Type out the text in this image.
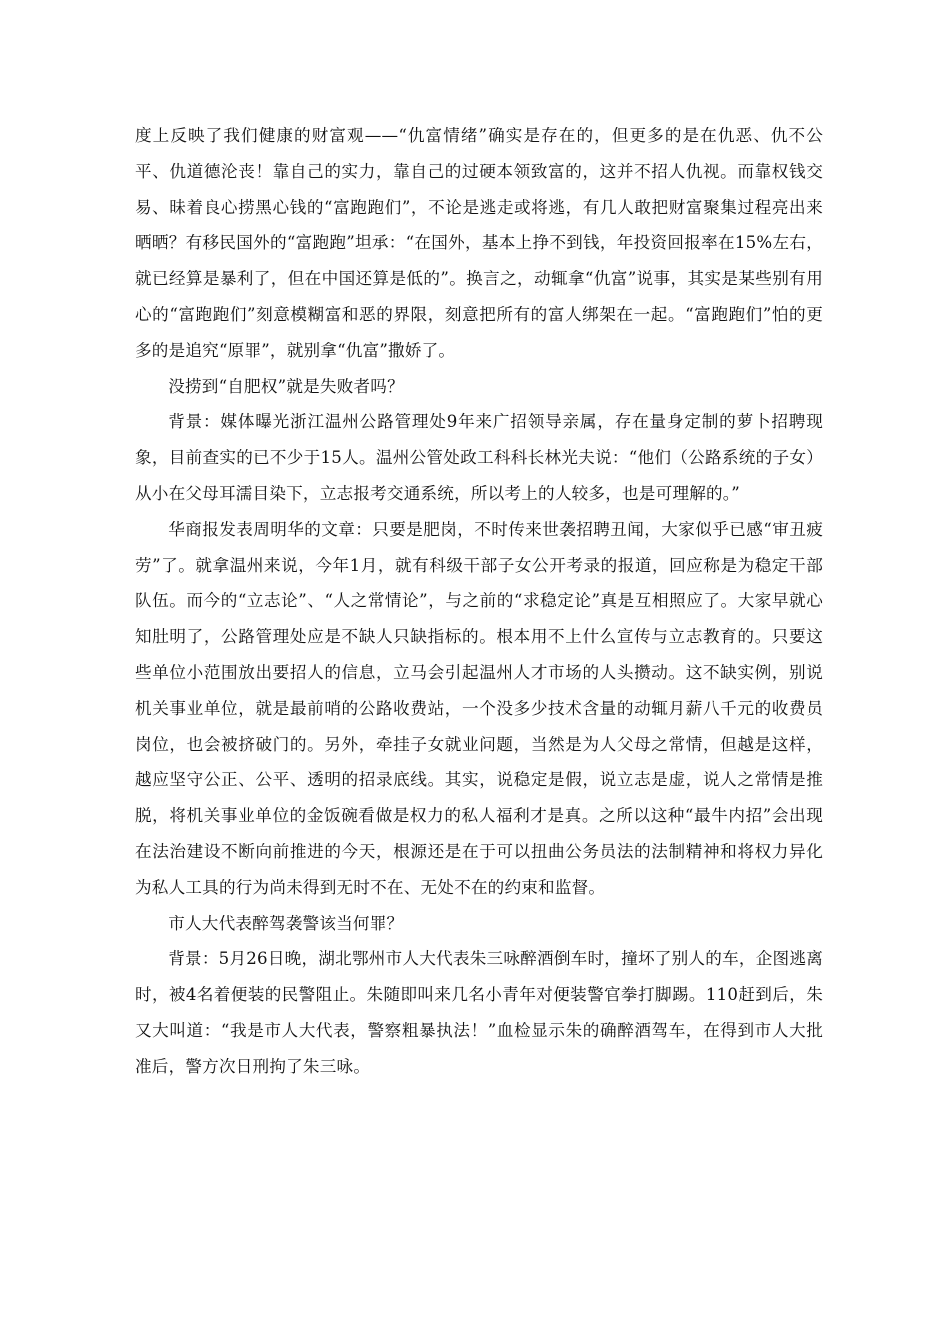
度上反映了我们健康的财富观——“仇富情绪”确实是存在的，但更多的是在仇恶、仇不公平、仇道德沦丧！靠自己的实力，靠自己的过硬本领致富的，这并不招人仇视。而靠权钱交易、昧着良心捞黑心钱的“富跑跑们”，不论是逃走或将逃，有几人敢把财富聚集过程亮出来晒晒？有移民国外的“富跑跑”坦承：“在国外，基本上挣不到钱，年投资回报率在15%左右，就已经算是暴利了，但在中国还算是低的”。换言之，动辄拿“仇富”说事，其实是某些别有用心的“富跑跑们”刻意模糊富和恶的界限，刻意把所有的富人绑架在一起。“富跑跑们”怕的更多的是追究“原罪”，就别拿“仇富”撒娇了。

没捞到“自肥权”就是失败者吗？

背景：媒体曝光浙江温州公路管理处9年来广招领导亲属，存在量身定制的萝卜招聘现象，目前查实的已不少于15人。温州公管处政工科科长林光夫说：“他们（公路系统的子女）从小在父母耳濡目染下，立志报考交通系统，所以考上的人较多，也是可理解的。”

华商报发表周明华的文章：只要是肥岗，不时传来世袭招聘丑闻，大家似乎已感“审丑疲劳”了。就拿温州来说，今年1月，就有科级干部子女公开考录的报道，回应称是为稳定干部队伍。而今的“立志论”、“人之常情论”，与之前的“求稳定论”真是互相照应了。大家早就心知肚明了，公路管理处应是不缺人只缺指标的。根本用不上什么宣传与立志教育的。只要这些单位小范围放出要招人的信息，立马会引起温州人才市场的人头攒动。这不缺实例，别说机关事业单位，就是最前哨的公路收费站，一个没多少技术含量的动辄月薪八千元的收费员岗位，也会被挤破门的。另外，牵挂子女就业问题，当然是为人父母之常情，但越是这样，越应坚守公正、公平、透明的招录底线。其实，说稳定是假，说立志是虚，说人之常情是推脱，将机关事业单位的金饭碗看做是权力的私人福利才是真。之所以这种“最牛内招”会出现在法治建设不断向前推进的今天，根源还是在于可以扭曲公务员法的法制精神和将权力异化为私人工具的行为尚未得到无时不在、无处不在的约束和监督。

市人大代表醉驾袭警该当何罪？

背景：5月26日晚，湖北鄂州市人大代表朱三咏醉酒倒车时，撞坏了别人的车，企图逃离时，被4名着便装的民警阻止。朱随即叫来几名小青年对便装警官拳打脚踢。110赶到后，朱又大叫道：“我是市人大代表，警察粗暴执法！”血检显示朱的确醉酒驾车，在得到市人大批准后，警方次日刑拘了朱三咏。
